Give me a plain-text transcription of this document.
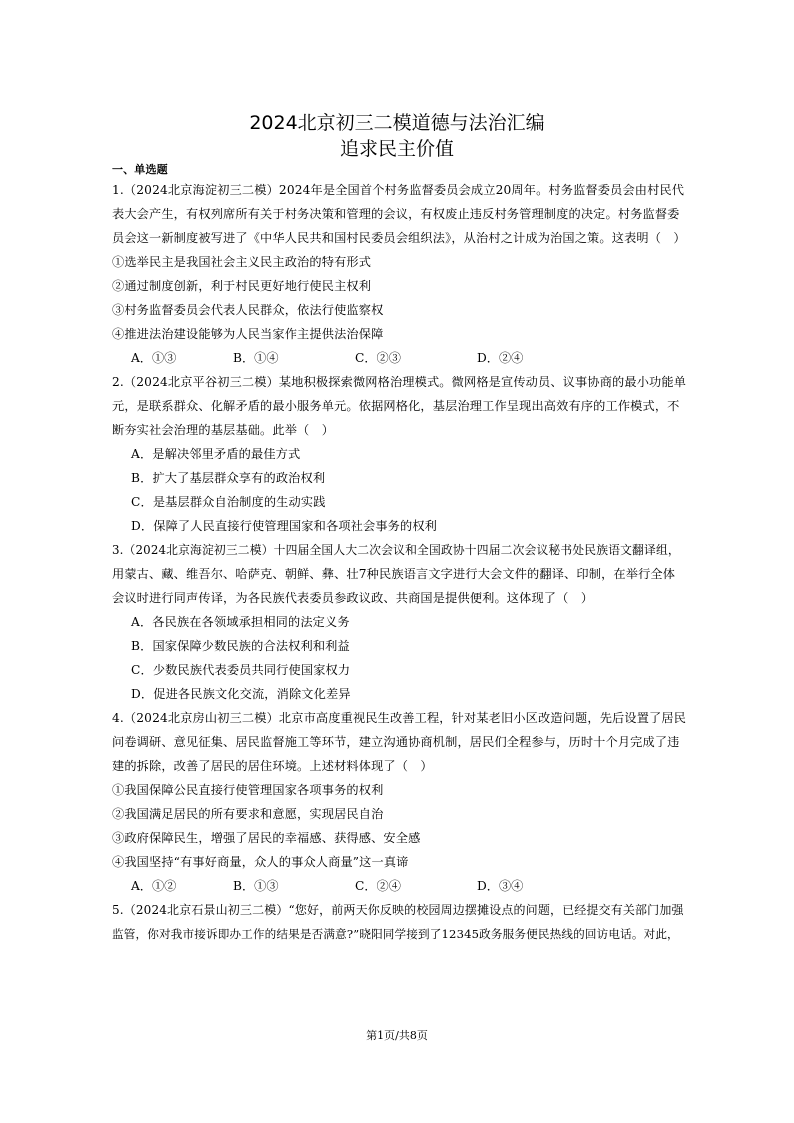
2024北京初三二模道德与法治汇编
追求民主价值
一、单选题
1.（2024北京海淀初三二模）2024年是全国首个村务监督委员会成立20周年。村务监督委员会由村民代
表大会产生，有权列席所有关于村务决策和管理的会议，有权废止违反村务管理制度的决定。村务监督委
员会这一新制度被写进了《中华人民共和国村民委员会组织法》，从治村之计成为治国之策。这表明（　）
①选举民主是我国社会主义民主政治的特有形式
②通过制度创新，利于村民更好地行使民主权利
③村务监督委员会代表人民群众，依法行使监察权
④推进法治建设能够为人民当家作主提供法治保障
A．①③	B．①④	C．②③	D．②④
2.（2024北京平谷初三二模）某地积极探索微网格治理模式。微网格是宣传动员、议事协商的最小功能单
元，是联系群众、化解矛盾的最小服务单元。依据网格化，基层治理工作呈现出高效有序的工作模式，不
断夯实社会治理的基层基础。此举（　）
A．是解决邻里矛盾的最佳方式
B．扩大了基层群众享有的政治权利
C．是基层群众自治制度的生动实践
D．保障了人民直接行使管理国家和各项社会事务的权利
3.（2024北京海淀初三二模）十四届全国人大二次会议和全国政协十四届二次会议秘书处民族语文翻译组，
用蒙古、藏、维吾尔、哈萨克、朝鲜、彝、壮7种民族语言文字进行大会文件的翻译、印制，在举行全体
会议时进行同声传译，为各民族代表委员参政议政、共商国是提供便利。这体现了（　）
A．各民族在各领域承担相同的法定义务
B．国家保障少数民族的合法权利和利益
C．少数民族代表委员共同行使国家权力
D．促进各民族文化交流，消除文化差异
4.（2024北京房山初三二模）北京市高度重视民生改善工程，针对某老旧小区改造问题，先后设置了居民
问卷调研、意见征集、居民监督施工等环节，建立沟通协商机制，居民们全程参与，历时十个月完成了违
建的拆除，改善了居民的居住环境。上述材料体现了（　）
①我国保障公民直接行使管理国家各项事务的权利
②我国满足居民的所有要求和意愿，实现居民自治
③政府保障民生，增强了居民的幸福感、获得感、安全感
④我国坚持“有事好商量，众人的事众人商量”这一真谛
A．①②	B．①③	C．②④	D．③④
5.（2024北京石景山初三二模）“您好，前两天你反映的校园周边摆摊设点的问题，已经提交有关部门加强
监管，你对我市接诉即办工作的结果是否满意?”晓阳同学接到了12345政务服务便民热线的回访电话。对此，
第1页/共8页
